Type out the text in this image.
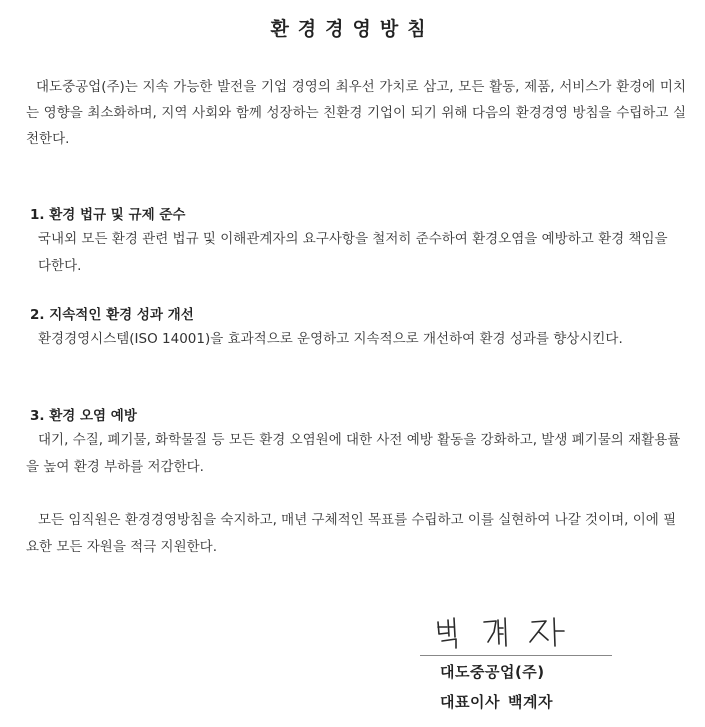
환경경영방침

대도중공업(주)는 지속 가능한 발전을 기업 경영의 최우선 가치로 삼고, 모든 활동, 제품, 서비스가 환경에 미치는 영향을 최소화하며, 지역 사회와 함께 성장하는 친환경 기업이 되기 위해 다음의 환경경영 방침을 수립하고 실천한다.

1. 환경 법규 및 규제 준수

국내외 모든 환경 관련 법규 및 이해관계자의 요구사항을 철저히 준수하여 환경오염을 예방하고 환경 책임을 다한다.

2. 지속적인 환경 성과 개선

환경경영시스템(ISO 14001)을 효과적으로 운영하고 지속적으로 개선하여 환경 성과를 향상시킨다.

3. 환경 오염 예방

대기, 수질, 폐기물, 화학물질 등 모든 환경 오염원에 대한 사전 예방 활동을 강화하고, 발생 폐기물의 재활용률을 높여 환경 부하를 저감한다.

모든 임직원은 환경경영방침을 숙지하고, 매년 구체적인 목표를 수립하고 이를 실현하여 나갈 것이며, 이에 필요한 모든 자원을 적극 지원한다.

대도중공업(주)
대표이사 백계자
